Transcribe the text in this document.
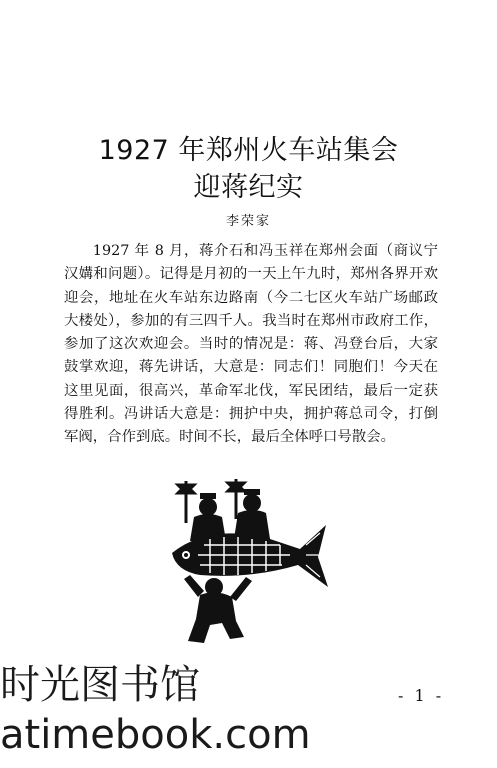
1927 年郑州火车站集会
迎蒋纪实
李荣家

1927 年 8 月，蒋介石和冯玉祥在郑州会面（商议宁汉媾和问题）。记得是月初的一天上午九时，郑州各界开欢迎会，地址在火车站东边路南（今二七区火车站广场邮政大楼处），参加的有三四千人。我当时在郑州市政府工作，参加了这次欢迎会。当时的情况是：蒋、冯登台后，大家鼓掌欢迎，蒋先讲话，大意是：同志们！同胞们！今天在这里见面，很高兴，革命军北伐，军民团结，最后一定获得胜利。冯讲话大意是：拥护中央，拥护蒋总司令，打倒军阀，合作到底。时间不长，最后全体呼口号散会。

时光图书馆
atimebook.com
- 1 -
